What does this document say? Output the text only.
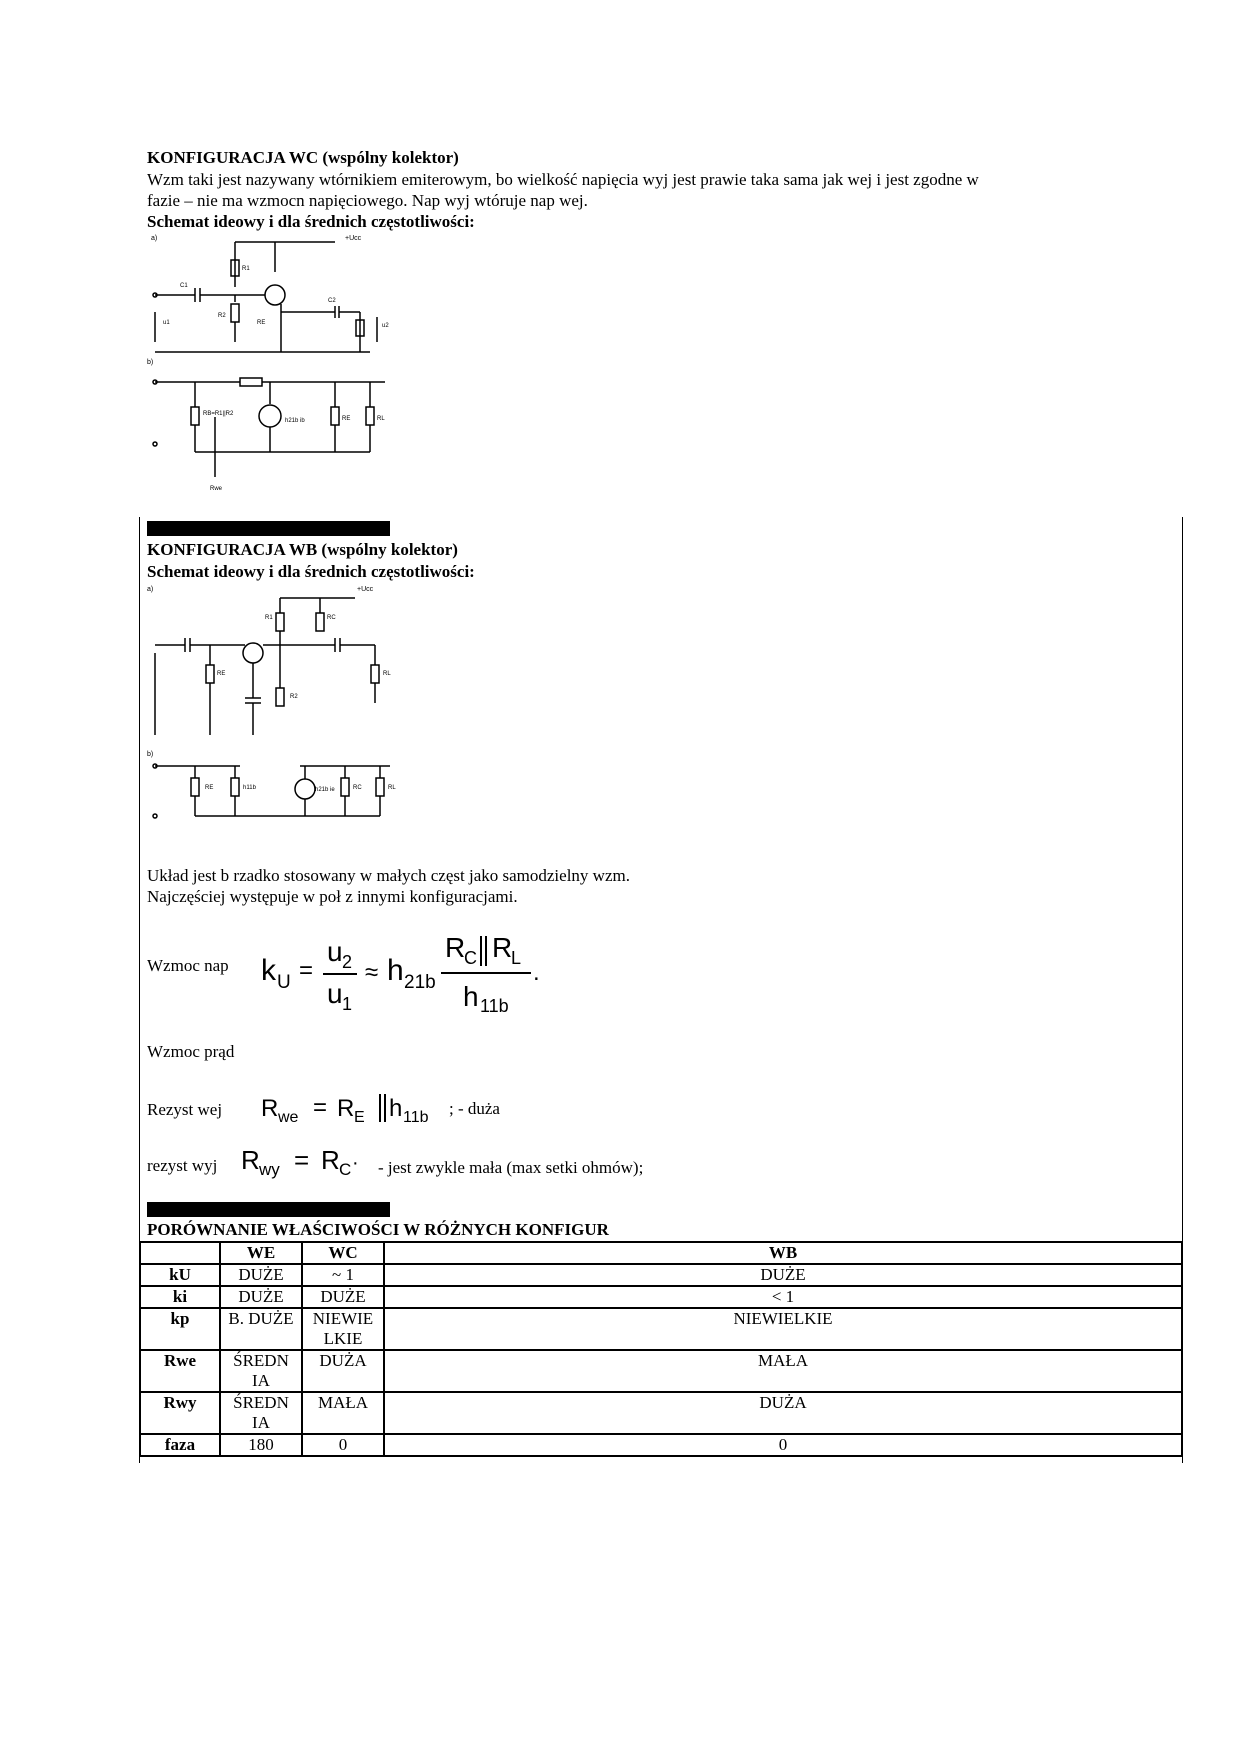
KONFIGURACJA WC (wspólny kolektor)
Wzm taki jest nazywany wtórnikiem emiterowym, bo wielkość napięcia wyj jest prawie taka sama jak wej i jest zgodne w
fazie – nie ma wzmocn napięciowego. Nap wyj wtóruje nap wej.
Schemat ideowy i dla średnich częstotliwości:
a)	+Ucc
R1
R2
RE
C1
C2
u1	u2
b)
RB=R1||R2
h21b ib	RE	RL
Rwe
KONFIGURACJA WB (wspólny kolektor)
Schemat ideowy i dla średnich częstotliwości:
a)	+Ucc
R1	RC
RE	RL
R2
b)
RE	h11b	h21b ie	RC	RL
Układ jest b rzadko stosowany w małych częst jako samodzielny wzm.
Najczęściej występuje w poł z innymi konfiguracjami.
Wzmoc nap k U =
u 2
u 1
≈ h 21b
R
C R
L
h 11b
.
Wzmoc prąd
Rezyst wej R we = R E h 11b ; - duża
rezyst wyj R wy = R C · - jest zwykle mała (max setki ohmów);
PORÓWNANIE WŁAŚCIWOŚCI W RÓŻNYCH KONFIGUR
	WE	WC	WB
kU	DUŻE	~ 1	DUŻE
ki	DUŻE	DUŻE	< 1
kp	B. DUŻE	NIEWIE LKIE	NIEWIELKIE
Rwe	ŚREDN IA	DUŻA	MAŁA
Rwy	ŚREDN IA	MAŁA	DUŻA
faza	180	0	0
